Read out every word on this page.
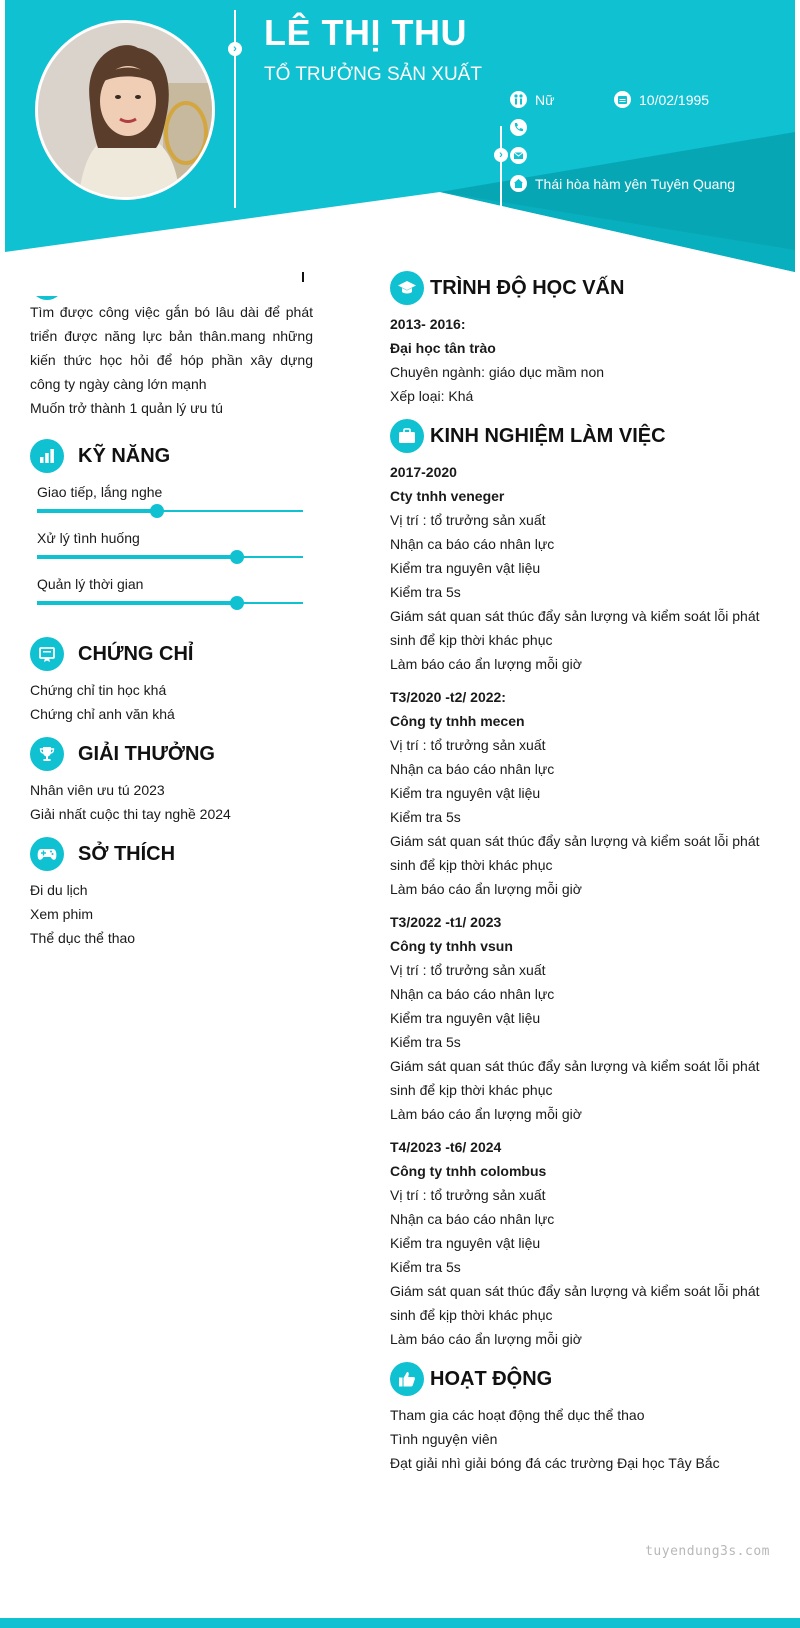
› LÊ THỊ THU
TỔ TRƯỞNG SẢN XUẤT
›
Nữ	10/02/1995
Thái hòa hàm yên Tuyên Quang
Tìm được công việc gắn bó lâu dài để phát triển được năng lực bản thân.mang những kiến thức học hỏi để hóp phần xây dựng công ty ngày càng lớn mạnh
Muốn trở thành 1 quản lý ưu tú
KỸ NĂNG
Giao tiếp, lắng nghe
Xử lý tình huống
Quản lý thời gian
CHỨNG CHỈ
Chứng chỉ tin học khá
Chứng chỉ anh văn khá
GIẢI THƯỞNG
Nhân viên ưu tú 2023
Giải nhất cuộc thi tay nghề 2024
SỞ THÍCH
Đi du lịch
Xem phim
Thể dục thể thao
TRÌNH ĐỘ HỌC VẤN
2013- 2016:
Đại học tân trào
Chuyên ngành: giáo dục mầm non
Xếp loại: Khá
KINH NGHIỆM LÀM VIỆC
2017-2020
Cty tnhh veneger
Vị trí : tổ trưởng sản xuất
Nhận ca báo cáo nhân lực
Kiểm tra nguyên vật liệu
Kiểm tra 5s
Giám sát quan sát thúc đẩy sản lượng và kiểm soát lỗi phát
sinh để kịp thời khác phục
Làm báo cáo ẩn lượng mỗi giờ
T3/2020 -t2/ 2022:
Công ty tnhh mecen
Vị trí : tổ trưởng sản xuất
Nhận ca báo cáo nhân lực
Kiểm tra nguyên vật liệu
Kiểm tra 5s
Giám sát quan sát thúc đẩy sản lượng và kiểm soát lỗi phát
sinh để kịp thời khác phục
Làm báo cáo ẩn lượng mỗi giờ
T3/2022 -t1/ 2023
Công ty tnhh vsun
Vị trí : tổ trưởng sản xuất
Nhận ca báo cáo nhân lực
Kiểm tra nguyên vật liệu
Kiểm tra 5s
Giám sát quan sát thúc đẩy sản lượng và kiểm soát lỗi phát
sinh để kịp thời khác phục
Làm báo cáo ẩn lượng mỗi giờ
T4/2023 -t6/ 2024
Công ty tnhh colombus
Vị trí : tổ trưởng sản xuất
Nhận ca báo cáo nhân lực
Kiểm tra nguyên vật liệu
Kiểm tra 5s
Giám sát quan sát thúc đẩy sản lượng và kiểm soát lỗi phát
sinh để kịp thời khác phục
Làm báo cáo ẩn lượng mỗi giờ
HOẠT ĐỘNG
Tham gia các hoạt động thể dục thể thao
Tình nguyện viên
Đạt giải nhì giải bóng đá các trường Đại học Tây Bắc
tuyendung3s.com
